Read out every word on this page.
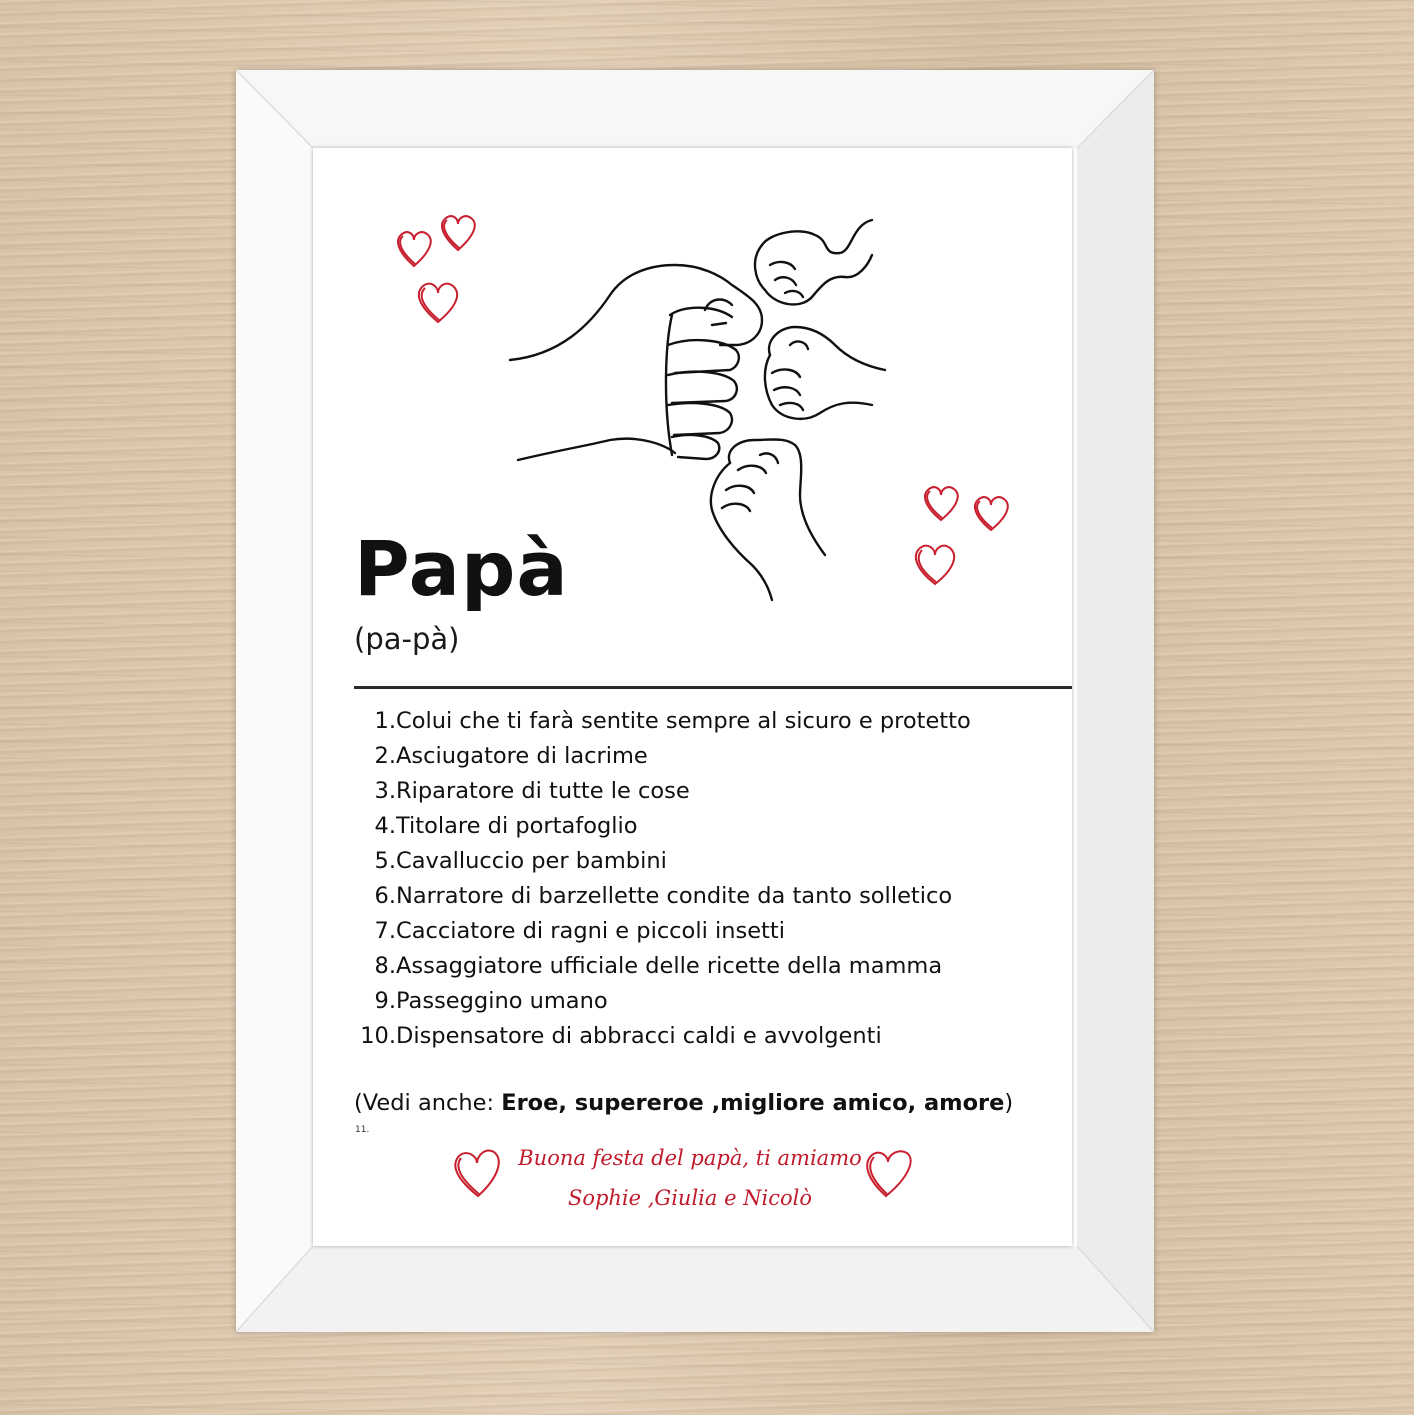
Papà

(pa-pà)

1.Colui che ti farà sentite sempre al sicuro e protetto
2.Asciugatore di lacrime
3.Riparatore di tutte le cose
4.Titolare di portafoglio
5.Cavalluccio per bambini
6.Narratore di barzellette condite da tanto solletico
7.Cacciatore di ragni e piccoli insetti
8.Assaggiatore ufficiale delle ricette della mamma
9.Passeggino umano
10.Dispensatore di abbracci caldi e avvolgenti

(Vedi anche: Eroe, supereroe ,migliore amico, amore)

11.
Buona festa del papà, ti amiamo
Sophie ,Giulia e Nicolò
